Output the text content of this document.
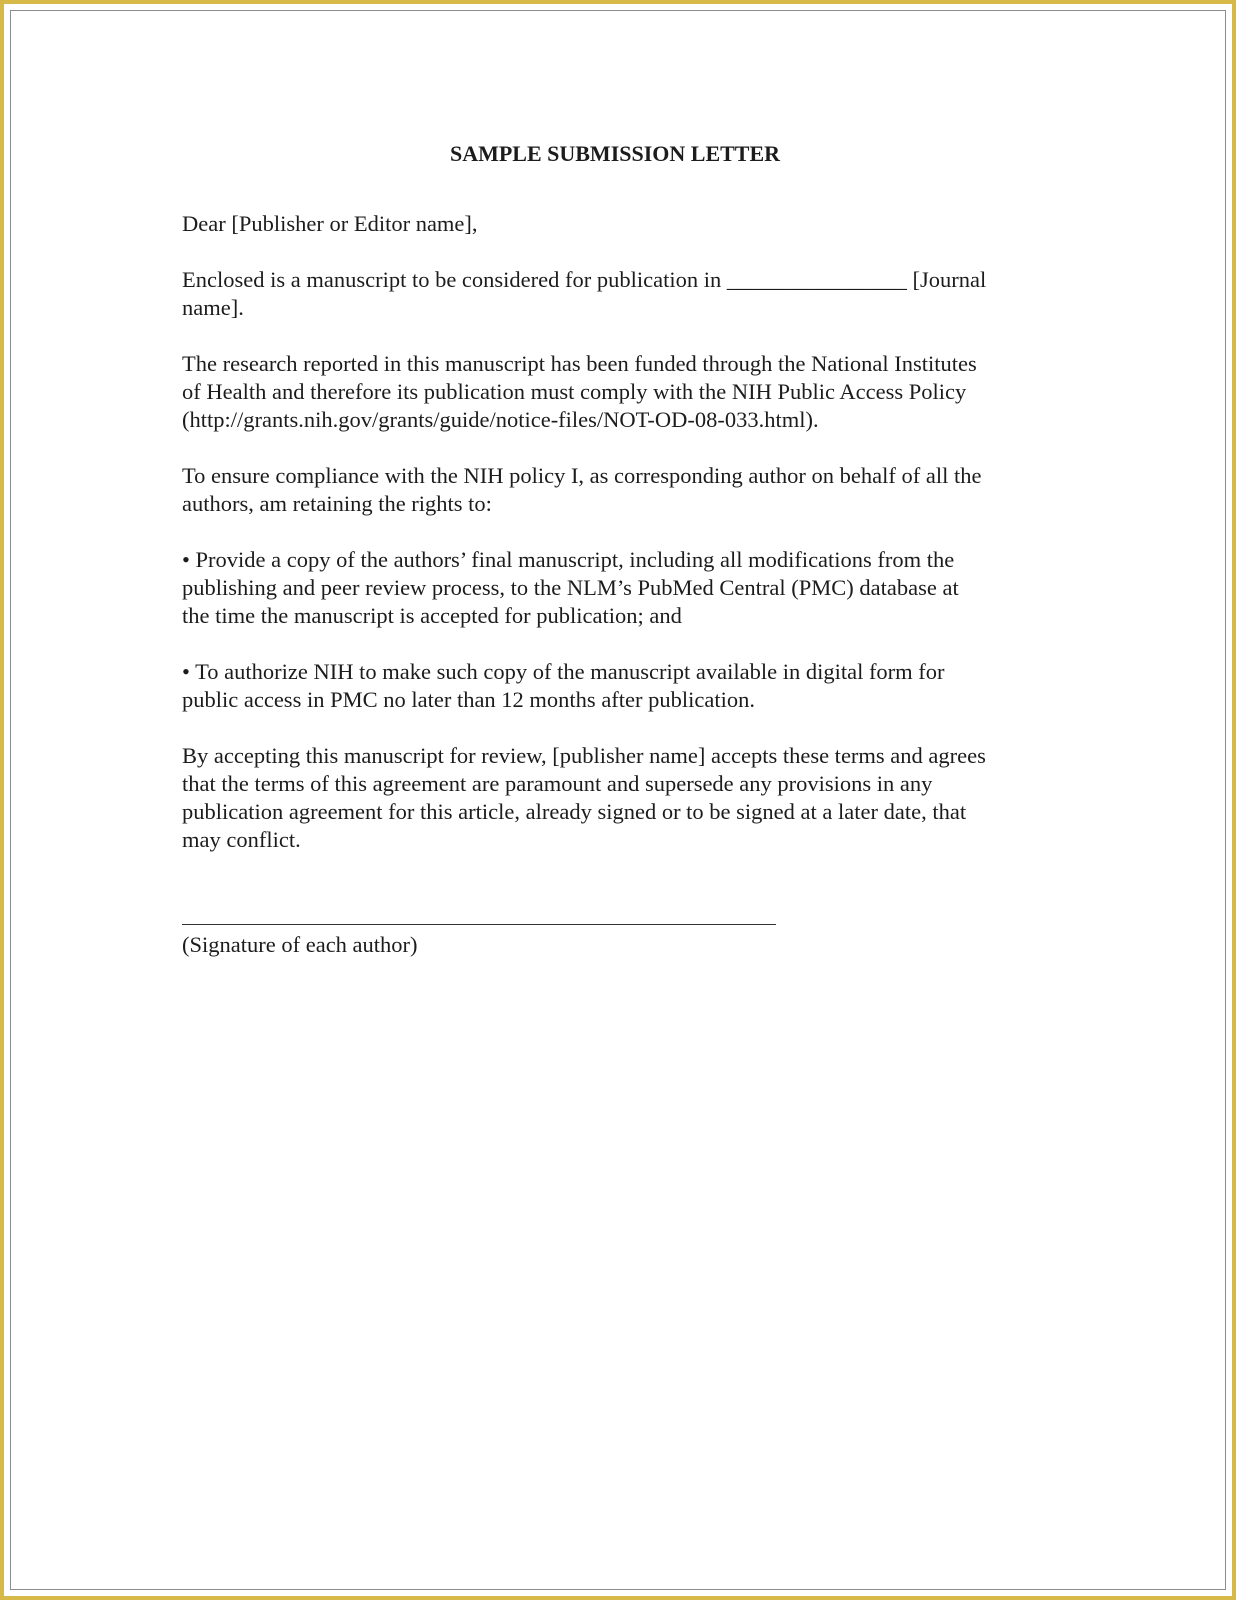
SAMPLE SUBMISSION LETTER

Dear [Publisher or Editor name],

Enclosed is a manuscript to be considered for publication in ________________ [Journal
name].

The research reported in this manuscript has been funded through the National Institutes
of Health and therefore its publication must comply with the NIH Public Access Policy
(http://grants.nih.gov/grants/guide/notice-files/NOT-OD-08-033.html).

To ensure compliance with the NIH policy I, as corresponding author on behalf of all the
authors, am retaining the rights to:

• Provide a copy of the authors’ final manuscript, including all modifications from the
publishing and peer review process, to the NLM’s PubMed Central (PMC) database at
the time the manuscript is accepted for publication; and

• To authorize NIH to make such copy of the manuscript available in digital form for
public access in PMC no later than 12 months after publication.

By accepting this manuscript for review, [publisher name] accepts these terms and agrees
that the terms of this agreement are paramount and supersede any provisions in any
publication agreement for this article, already signed or to be signed at a later date, that
may conflict.

(Signature of each author)
